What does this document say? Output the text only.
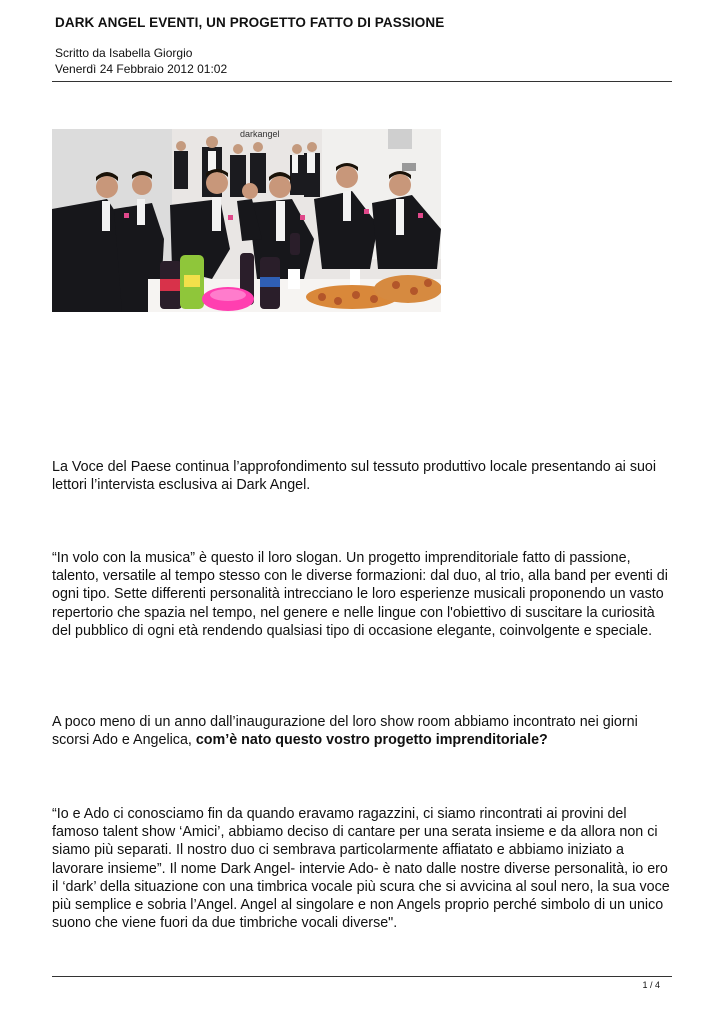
DARK ANGEL EVENTI, UN PROGETTO FATTO DI PASSIONE
Scritto da Isabella Giorgio
Venerdì 24 Febbraio 2012 01:02
darkangel

La Voce del Paese continua l’approfondimento sul tessuto produttivo locale presentando ai suoi lettori l’intervista esclusiva ai Dark Angel.

“In volo con la musica” è questo il loro slogan. Un progetto imprenditoriale fatto di passione, talento, versatile al tempo stesso con le diverse formazioni: dal duo, al trio, alla band per eventi di ogni tipo. Sette differenti personalità intrecciano le loro esperienze musicali proponendo un vasto repertorio che spazia nel tempo, nel genere e nelle lingue con l'obiettivo di suscitare la curiosità del pubblico di ogni età rendendo qualsiasi tipo di occasione elegante, coinvolgente e speciale.

A poco meno di un anno dall’inaugurazione del loro show room abbiamo incontrato nei giorni scorsi Ado e Angelica, com’è nato questo vostro progetto imprenditoriale?

“Io e Ado ci conosciamo fin da quando eravamo ragazzini, ci siamo rincontrati ai provini del famoso talent show ‘Amici’, abbiamo deciso di cantare per una serata insieme e da allora non ci siamo più separati. Il nostro duo ci sembrava particolarmente affiatato e abbiamo iniziato a lavorare insieme”. Il nome Dark Angel- intervie Ado- è nato dalle nostre diverse personalità, io ero il ‘dark’ della situazione con una timbrica vocale più scura che si avvicina al soul nero, la sua voce più semplice e sobria l’Angel. Angel al singolare e non Angels proprio perché simbolo di un unico suono che viene fuori da due timbriche vocali diverse".

1 / 4
